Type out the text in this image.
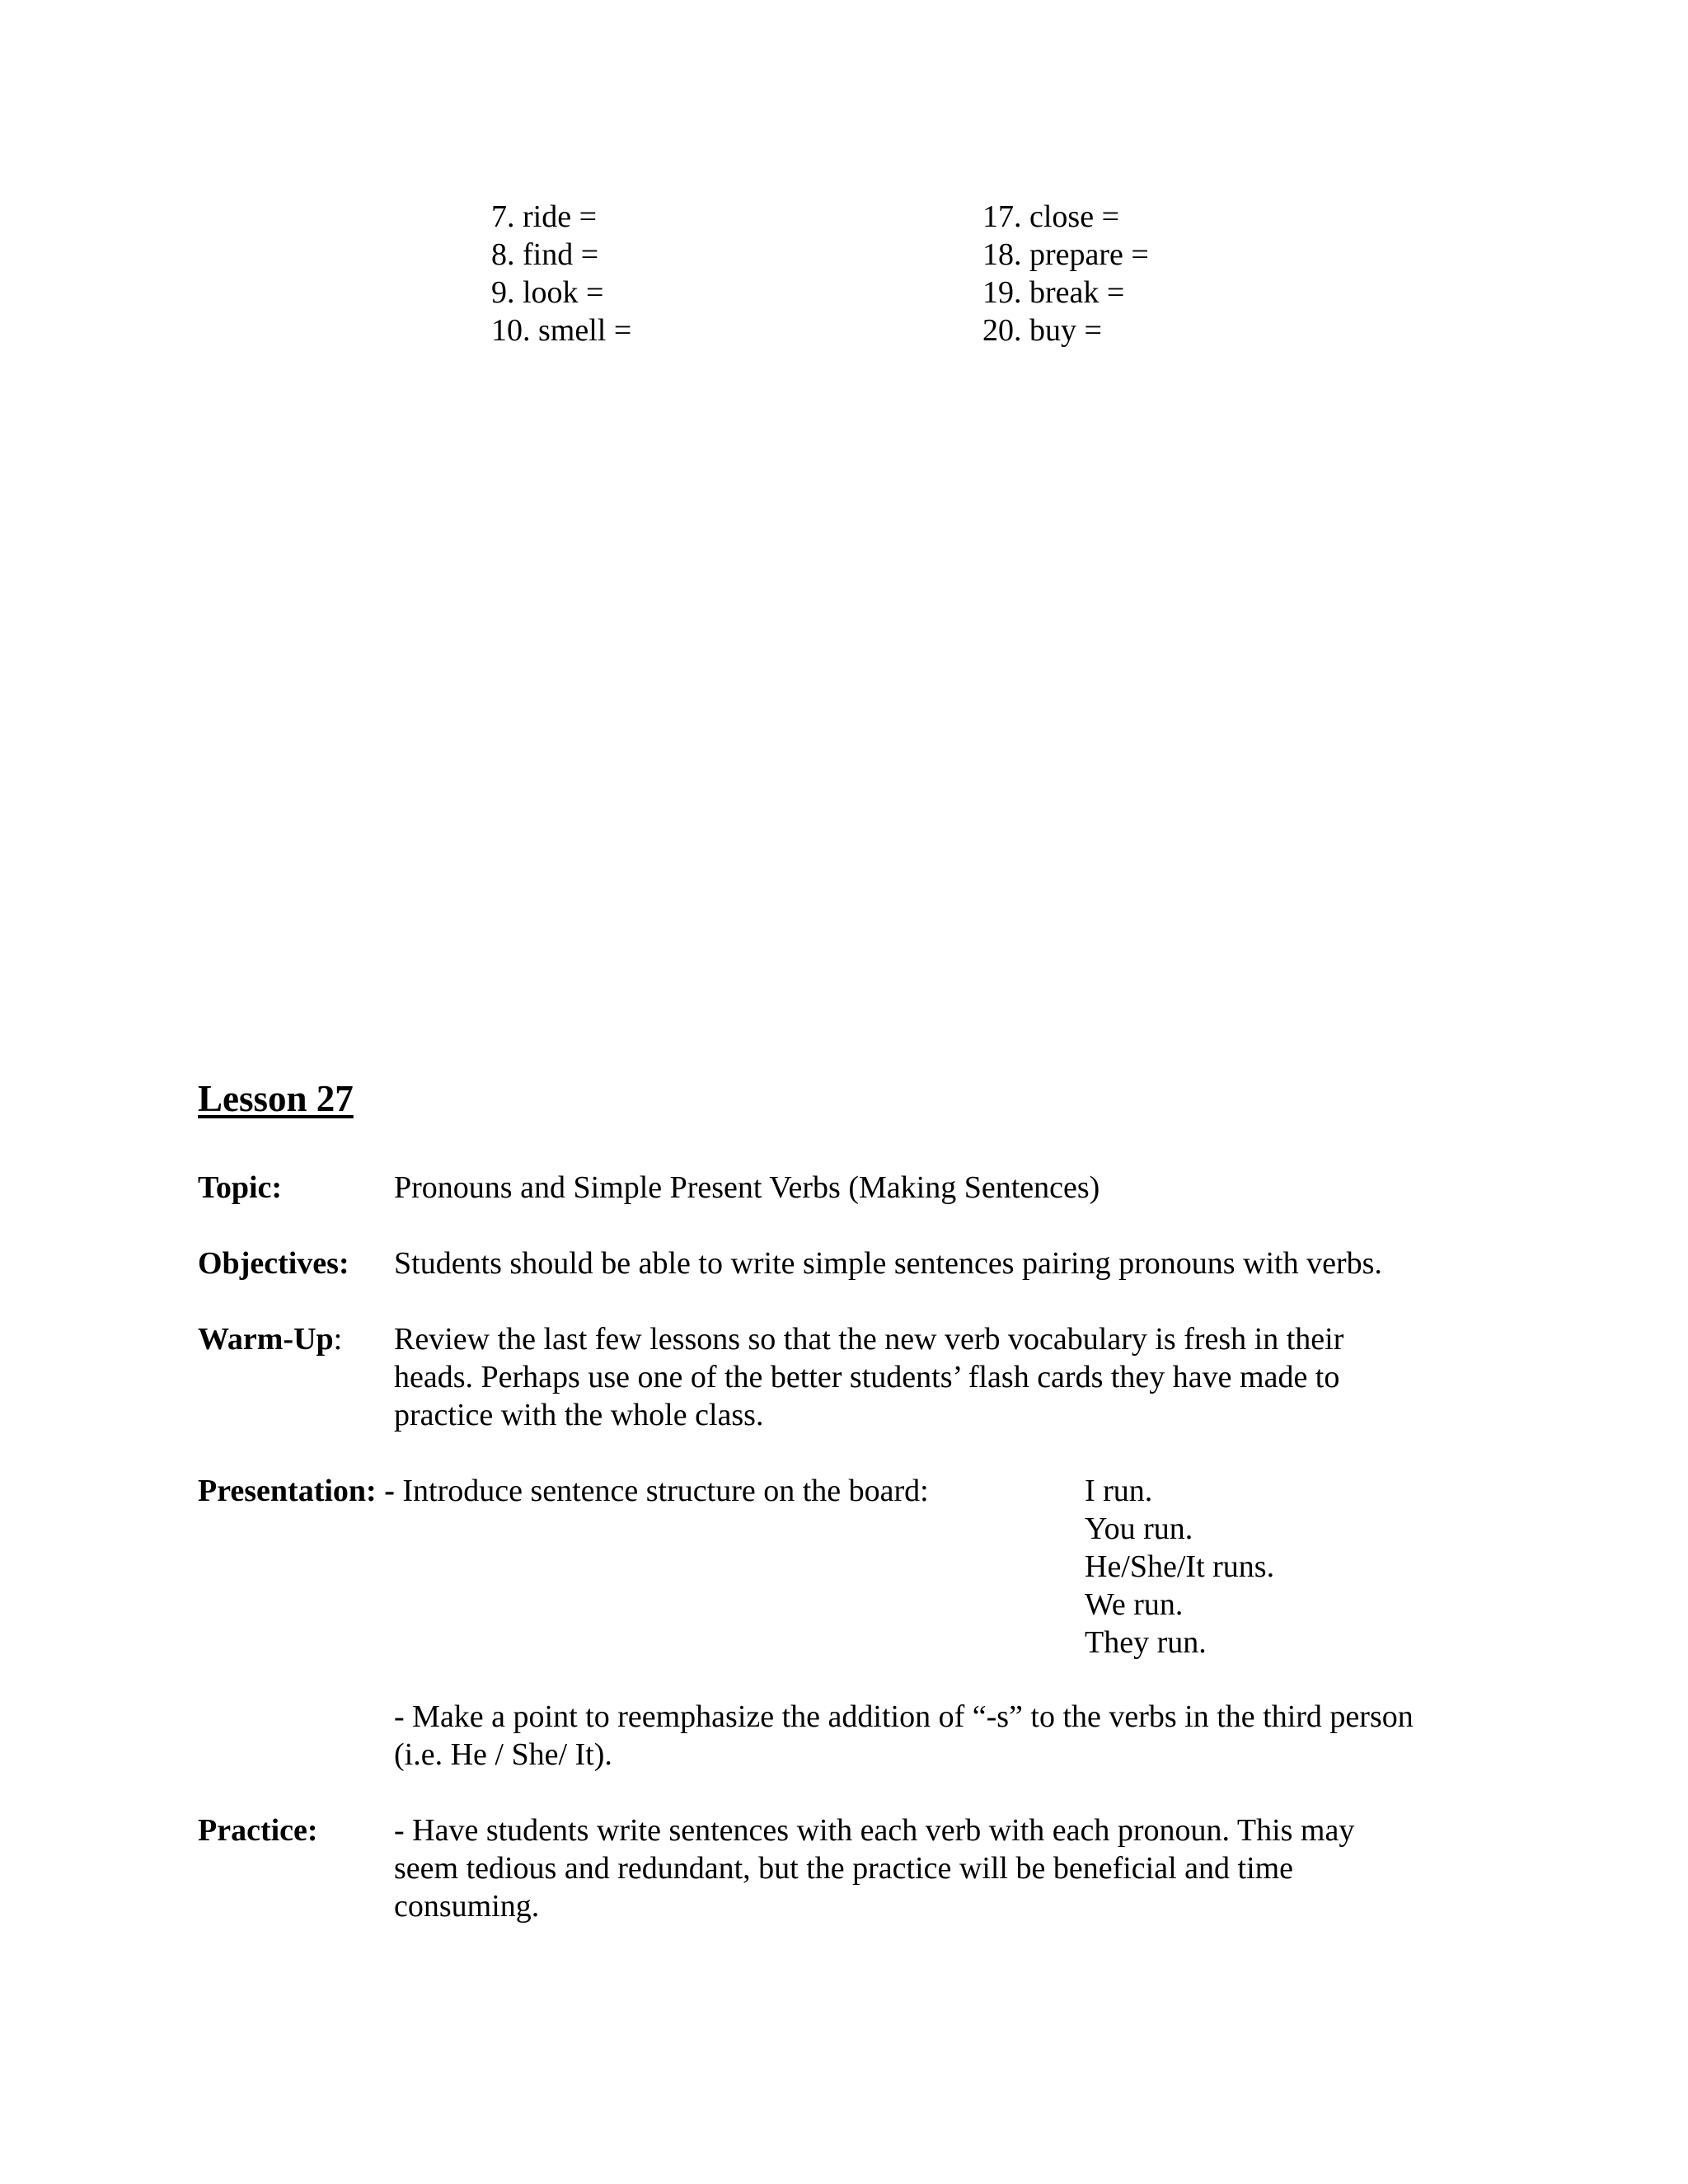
7. ride =
8. find =
9. look =
10. smell =
17. close =
18. prepare =
19. break =
20. buy =
Lesson 27
Topic:	Pronouns and Simple Present Verbs (Making Sentences)
Objectives: Students should be able to write simple sentences pairing pronouns with verbs.
Warm-Up: Review the last few lessons so that the new verb vocabulary is fresh in their
heads. Perhaps use one of the better students’ flash cards they have made to
practice with the whole class.
Presentation: - Introduce sentence structure on the board:	I run.
You run.
He/She/It runs.
We run.
They run.
- Make a point to reemphasize the addition of “-s” to the verbs in the third person
(i.e. He / She/ It).
Practice: - Have students write sentences with each verb with each pronoun. This may
seem tedious and redundant, but the practice will be beneficial and time
consuming.
